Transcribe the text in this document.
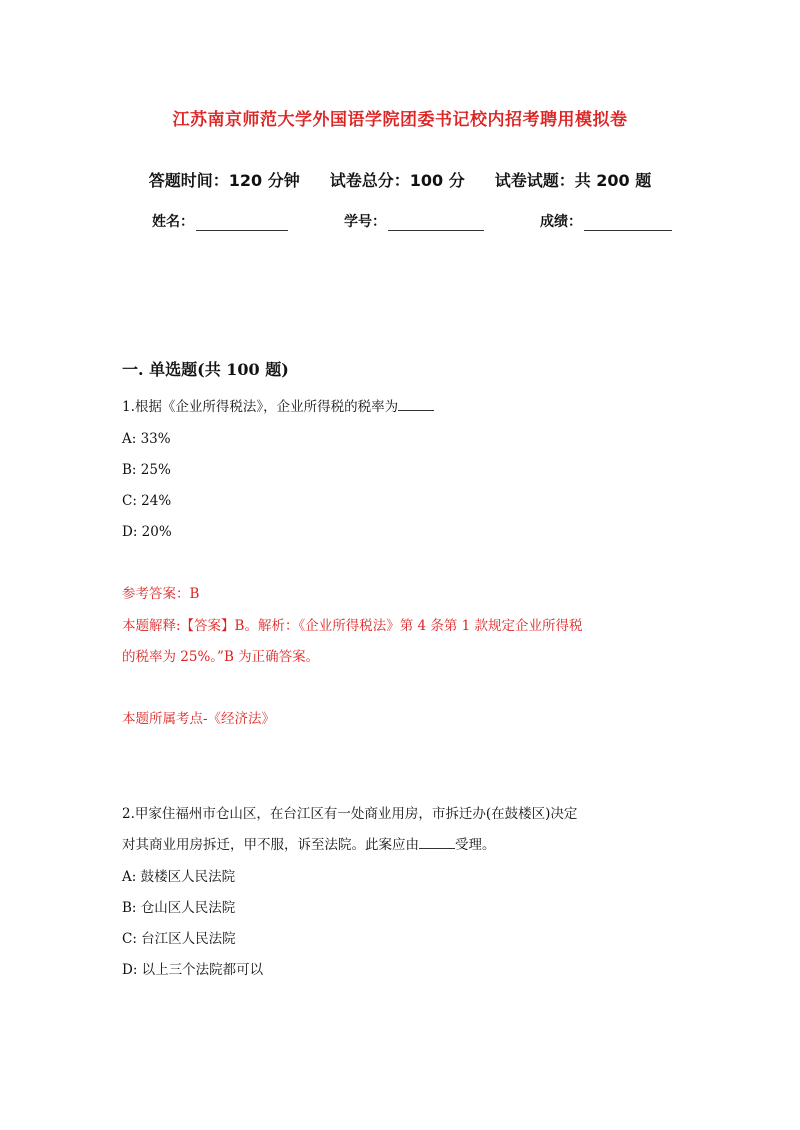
江苏南京师范大学外国语学院团委书记校内招考聘用模拟卷
答题时间：120 分钟 试卷总分：100 分 试卷试题：共 200 题
姓名：	学号：	成绩：
一. 单选题(共 100 题)
1.根据《企业所得税法》，企业所得税的税率为
A: 33%
B: 25%
C: 24%
D: 20%
参考答案：B
本题解释:【答案】B。解析：《企业所得税法》第 4 条第 1 款规定企业所得税
的税率为 25%。”B 为正确答案。
本题所属考点-《经济法》
2.甲家住福州市仓山区，在台江区有一处商业用房，市拆迁办(在鼓楼区)决定
对其商业用房拆迁，甲不服，诉至法院。此案应由	受理。
A: 鼓楼区人民法院
B: 仓山区人民法院
C: 台江区人民法院
D: 以上三个法院都可以
